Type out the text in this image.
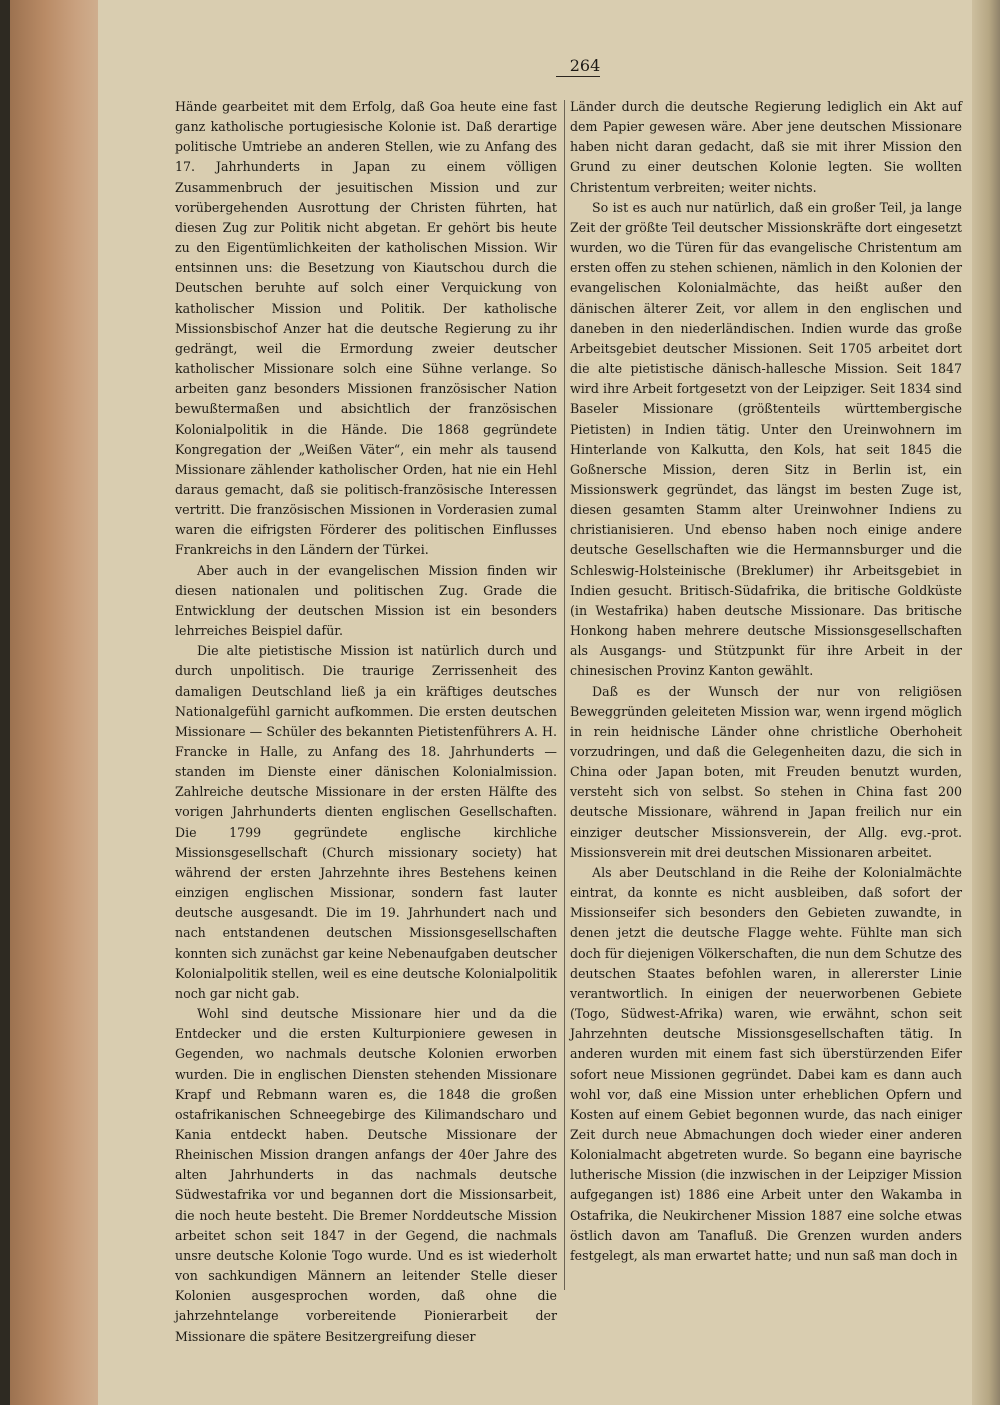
264

Hände gearbeitet mit dem Erfolg, daß Goa heute eine fast ganz katholische portugiesische Kolonie ist. Daß derartige politische Umtriebe an anderen Stellen, wie zu Anfang des 17. Jahrhunderts in Japan zu einem völligen Zusammenbruch der jesuitischen Mission und zur vorübergehenden Ausrottung der Christen führten, hat diesen Zug zur Politik nicht abgetan. Er gehört bis heute zu den Eigentümlichkeiten der katholischen Mission. Wir entsinnen uns: die Besetzung von Kiautschou durch die Deutschen beruhte auf solch einer Verquickung von katholischer Mission und Politik. Der katholische Missionsbischof Anzer hat die deutsche Regierung zu ihr gedrängt, weil die Ermordung zweier deutscher katholischer Missionare solch eine Sühne verlange. So arbeiten ganz besonders Missionen französischer Nation bewußtermaßen und absichtlich der französischen Kolonialpolitik in die Hände. Die 1868 gegründete Kongregation der „Weißen Väter“, ein mehr als tausend Missionare zählender katholischer Orden, hat nie ein Hehl daraus gemacht, daß sie politisch-französische Interessen vertritt. Die französischen Missionen in Vorderasien zumal waren die eifrigsten Förderer des politischen Einflusses Frankreichs in den Ländern der Türkei.

Aber auch in der evangelischen Mission finden wir diesen nationalen und politischen Zug. Grade die Entwicklung der deutschen Mission ist ein besonders lehrreiches Beispiel dafür.

Die alte pietistische Mission ist natürlich durch und durch unpolitisch. Die traurige Zerrissenheit des damaligen Deutschland ließ ja ein kräftiges deutsches Nationalgefühl garnicht aufkommen. Die ersten deutschen Missionare — Schüler des bekannten Pietistenführers A. H. Francke in Halle, zu Anfang des 18. Jahrhunderts — standen im Dienste einer dänischen Kolonialmission. Zahlreiche deutsche Missionare in der ersten Hälfte des vorigen Jahrhunderts dienten englischen Gesellschaften. Die 1799 gegründete englische kirchliche Missionsgesellschaft (Church missionary society) hat während der ersten Jahrzehnte ihres Bestehens keinen einzigen englischen Missionar, sondern fast lauter deutsche ausgesandt. Die im 19. Jahrhundert nach und nach entstandenen deutschen Missionsgesellschaften konnten sich zunächst gar keine Nebenaufgaben deutscher Kolonialpolitik stellen, weil es eine deutsche Kolonialpolitik noch gar nicht gab.

Wohl sind deutsche Missionare hier und da die Entdecker und die ersten Kulturpioniere gewesen in Gegenden, wo nachmals deutsche Kolonien erworben wurden. Die in englischen Diensten stehenden Missionare Krapf und Rebmann waren es, die 1848 die großen ostafrikanischen Schneegebirge des Kilimandscharo und Kania entdeckt haben. Deutsche Missionare der Rheinischen Mission drangen anfangs der 40er Jahre des alten Jahrhunderts in das nachmals deutsche Südwestafrika vor und begannen dort die Missionsarbeit, die noch heute besteht. Die Bremer Norddeutsche Mission arbeitet schon seit 1847 in der Gegend, die nachmals unsre deutsche Kolonie Togo wurde. Und es ist wiederholt von sachkundigen Männern an leitender Stelle dieser Kolonien ausgesprochen worden, daß ohne die jahrzehntelange vorbereitende Pionierarbeit der Missionare die spätere Besitzergreifung dieser

Länder durch die deutsche Regierung lediglich ein Akt auf dem Papier gewesen wäre. Aber jene deutschen Missionare haben nicht daran gedacht, daß sie mit ihrer Mission den Grund zu einer deutschen Kolonie legten. Sie wollten Christentum verbreiten; weiter nichts.

So ist es auch nur natürlich, daß ein großer Teil, ja lange Zeit der größte Teil deutscher Missionskräfte dort eingesetzt wurden, wo die Türen für das evangelische Christentum am ersten offen zu stehen schienen, nämlich in den Kolonien der evangelischen Kolonialmächte, das heißt außer den dänischen älterer Zeit, vor allem in den englischen und daneben in den niederländischen. Indien wurde das große Arbeitsgebiet deutscher Missionen. Seit 1705 arbeitet dort die alte pietistische dänisch-hallesche Mission. Seit 1847 wird ihre Arbeit fortgesetzt von der Leipziger. Seit 1834 sind Baseler Missionare (größtenteils württembergische Pietisten) in Indien tätig. Unter den Ureinwohnern im Hinterlande von Kalkutta, den Kols, hat seit 1845 die Goßnersche Mission, deren Sitz in Berlin ist, ein Missionswerk gegründet, das längst im besten Zuge ist, diesen gesamten Stamm alter Ureinwohner Indiens zu christianisieren. Und ebenso haben noch einige andere deutsche Gesellschaften wie die Hermannsburger und die Schleswig-Holsteinische (Breklumer) ihr Arbeitsgebiet in Indien gesucht. Britisch-Südafrika, die britische Goldküste (in Westafrika) haben deutsche Missionare. Das britische Honkong haben mehrere deutsche Missionsgesellschaften als Ausgangs- und Stützpunkt für ihre Arbeit in der chinesischen Provinz Kanton gewählt.

Daß es der Wunsch der nur von religiösen Beweggründen geleiteten Mission war, wenn irgend möglich in rein heidnische Länder ohne christliche Oberhoheit vorzudringen, und daß die Gelegenheiten dazu, die sich in China oder Japan boten, mit Freuden benutzt wurden, versteht sich von selbst. So stehen in China fast 200 deutsche Missionare, während in Japan freilich nur ein einziger deutscher Missionsverein, der Allg. evg.-prot. Missionsverein mit drei deutschen Missionaren arbeitet.

Als aber Deutschland in die Reihe der Kolonialmächte eintrat, da konnte es nicht ausbleiben, daß sofort der Missionseifer sich besonders den Gebieten zuwandte, in denen jetzt die deutsche Flagge wehte. Fühlte man sich doch für diejenigen Völkerschaften, die nun dem Schutze des deutschen Staates befohlen waren, in allererster Linie verantwortlich. In einigen der neuerworbenen Gebiete (Togo, Südwest-Afrika) waren, wie erwähnt, schon seit Jahrzehnten deutsche Missionsgesellschaften tätig. In anderen wurden mit einem fast sich überstürzenden Eifer sofort neue Missionen gegründet. Dabei kam es dann auch wohl vor, daß eine Mission unter erheblichen Opfern und Kosten auf einem Gebiet begonnen wurde, das nach einiger Zeit durch neue Abmachungen doch wieder einer anderen Kolonialmacht abgetreten wurde. So begann eine bayrische lutherische Mission (die inzwischen in der Leipziger Mission aufgegangen ist) 1886 eine Arbeit unter den Wakamba in Ostafrika, die Neukirchener Mission 1887 eine solche etwas östlich davon am Tanafluß. Die Grenzen wurden anders festgelegt, als man erwartet hatte; und nun saß man doch in
